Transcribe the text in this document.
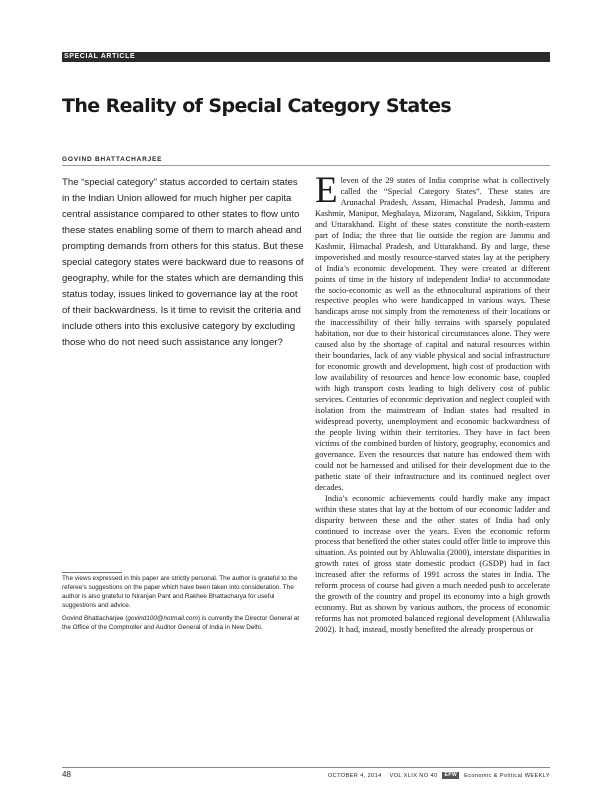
SPECIAL ARTICLE
The Reality of Special Category States
GOVIND BHATTACHARJEE

The “special category” status accorded to certain states in the Indian Union allowed for much higher per capita central assistance compared to other states to flow unto these states enabling some of them to march ahead and prompting demands from others for this status. But these special category states were backward due to reasons of geography, while for the states which are demanding this status today, issues linked to governance lay at the root of their backwardness. Is it time to revisit the criteria and include others into this exclusive category by excluding those who do not need such assistance any longer?

Eleven of the 29 states of India comprise what is collectively called the “Special Category States”. These states are Arunachal Pradesh, Assam, Himachal Pradesh, Jammu and Kashmir, Manipur, Meghalaya, Mizoram, Nagaland, Sikkim, Tripura and Uttarakhand. Eight of these states constitute the north-eastern part of India; the three that lie outside the region are Jammu and Kashmir, Himachal Pradesh, and Uttarakhand. By and large, these impoverished and mostly resource-starved states lay at the periphery of India’s economic development. They were created at different points of time in the history of independent India¹ to accommodate the socio-economic as well as the ethnocultural aspirations of their respective peoples who were handicapped in various ways. These handicaps arose not simply from the remoteness of their locations or the inaccessibility of their hilly terrains with sparsely populated habitation, nor due to their historical circumstances alone. They were caused also by the shortage of capital and natural resources within their boundaries, lack of any viable physical and social infrastructure for economic growth and development, high cost of production with low availability of resources and hence low economic base, coupled with high transport costs leading to high delivery cost of public services. Centuries of economic deprivation and neglect coupled with isolation from the mainstream of Indian states had resulted in widespread poverty, unemployment and economic backwardness of the people living within their territories. They have in fact been victims of the combined burden of history, geography, economics and governance. Even the resources that nature has endowed them with could not be harnessed and utilised for their development due to the pathetic state of their infrastructure and its continued neglect over decades.

India’s economic achievements could hardly make any impact within these states that lay at the bottom of our economic ladder and disparity between these and the other states of India had only continued to increase over the years. Even the economic reform process that benefited the other states could offer little to improve this situation. As pointed out by Ahluwalia (2000), interstate disparities in growth rates of gross state domestic product (GSDP) had in fact increased after the reforms of 1991 across the states in India. The reform process of course had given a much needed push to accelerate the growth of the country and propel its economy into a high growth economy. But as shown by various authors, the process of economic reforms has not promoted balanced regional development (Ahluwalia 2002). It had, instead, mostly benefited the already prosperous or

The views expressed in this paper are strictly personal. The author is grateful to the referee’s suggestions on the paper which have been taken into consideration. The author is also grateful to Niranjan Pant and Rakhee Bhattacharya for useful suggestions and advice.

Govind Bhattacharjee (govind100@hotmail.com) is currently the Director General at the Office of the Comptroller and Auditor General of India in New Delhi.

48	OCTOBER 4, 2014    VOL XLIX NO 40	EPW	Economic & Political WEEKLY
